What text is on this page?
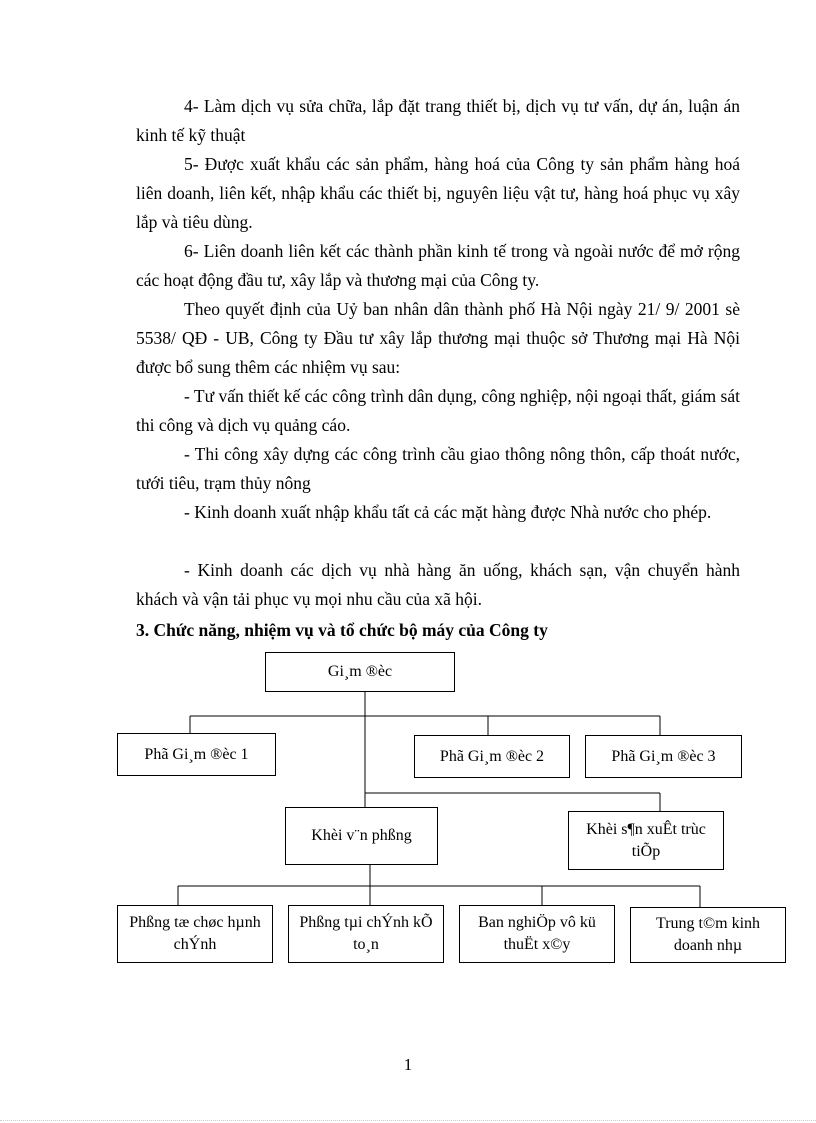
4- Làm dịch vụ sửa chữa, lắp đặt trang thiết bị, dịch vụ tư vấn, dự án, luận án kinh tế kỹ thuật

5- Được xuất khẩu các sản phẩm, hàng hoá của Công ty sản phẩm hàng hoá liên doanh, liên kết, nhập khẩu các thiết bị, nguyên liệu vật tư, hàng hoá phục vụ xây lắp và tiêu dùng.

6- Liên doanh liên kết các thành phần kinh tế trong và ngoài nước để mở rộng các hoạt động đầu tư, xây lắp và thương mại của Công ty.

Theo quyết định của Uỷ ban nhân dân thành phố Hà Nội ngày 21/ 9/ 2001 sè 5538/ QĐ - UB, Công ty Đầu tư xây lắp thương mại thuộc sở Thương mại Hà Nội được bổ sung thêm các nhiệm vụ sau:

- Tư vấn thiết kế các công trình dân dụng, công nghiệp, nội ngoại thất, giám sát thi công và dịch vụ quảng cáo.

- Thi công xây dựng các công trình cầu giao thông nông thôn, cấp thoát nước, tưới tiêu, trạm thủy nông

- Kinh doanh xuất nhập khẩu tất cả các mặt hàng được Nhà nước cho phép.

- Kinh doanh các dịch vụ nhà hàng ăn uống, khách sạn, vận chuyển hành khách và vận tải phục vụ mọi nhu cầu của xã hội.

3. Chức năng, nhiệm vụ và tổ chức bộ máy của Công ty
Gi¸m ®èc
Phã Gi¸m ®èc 1	Phã Gi¸m ®èc 2	Phã Gi¸m ®èc 3
Khèi v¨n phßng	Khèi s¶n xuÊt trùc tiÕp
Phßng tæ chøc hµnh chÝnh
Phßng tµi chÝnh kÕ to¸n
Ban nghiÖp vô kü thuËt x©y
Trung t©m kinh doanh nhµ
1
